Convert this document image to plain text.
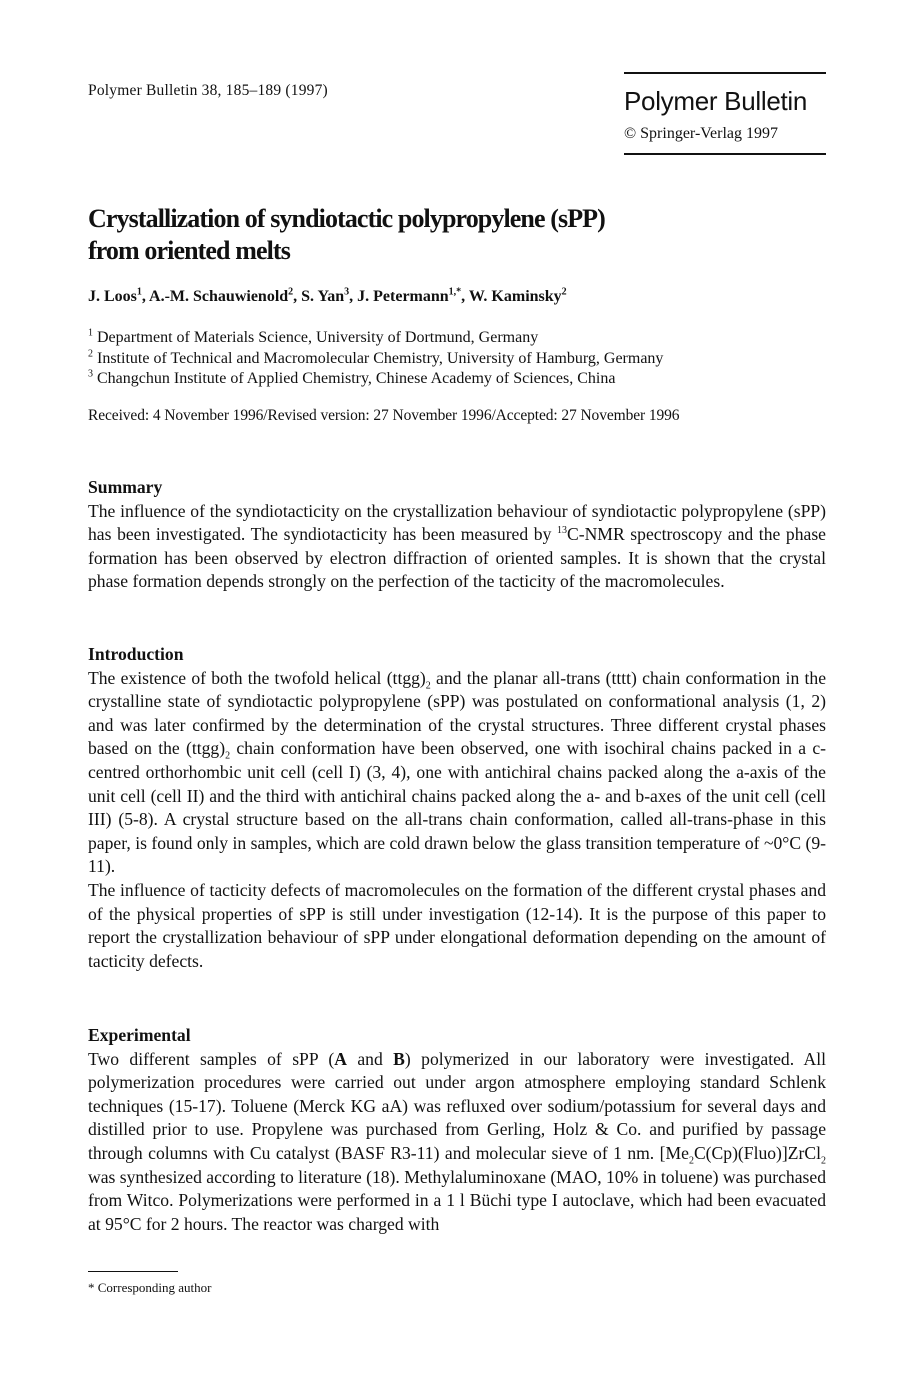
Polymer Bulletin 38, 185–189 (1997)	Polymer Bulletin
© Springer-Verlag 1997
Crystallization of syndiotactic polypropylene (sPP)
from oriented melts
J. Loos$^1$, A.-M. Schauwienold$^2$, S. Yan$^3$, J. Petermann$^{1,*}$, W. Kaminsky$^2$
$^1$ Department of Materials Science, University of Dortmund, Germany
$^2$ Institute of Technical and Macromolecular Chemistry, University of Hamburg, Germany
$^3$ Changchun Institute of Applied Chemistry, Chinese Academy of Sciences, China
Received: 4 November 1996/Revised version: 27 November 1996/Accepted: 27 November 1996
Summary

The influence of the syndiotacticity on the crystallization behaviour of syndiotactic polypropylene (sPP) has been investigated. The syndiotacticity has been measured by $^{13}$C-NMR spectroscopy and the phase formation has been observed by electron diffraction of oriented samples. It is shown that the crystal phase formation depends strongly on the perfection of the tacticity of the macromolecules.

Introduction

The existence of both the twofold helical $(ttgg)_2$ and the planar all-trans (tttt) chain conformation in the crystalline state of syndiotactic polypropylene (sPP) was postulated on conformational analysis (1, 2) and was later confirmed by the determination of the crystal structures. Three different crystal phases based on the $(ttgg)_2$ chain conformation have been observed, one with isochiral chains packed in a c-centred orthorhombic unit cell (cell I) (3, 4), one with antichiral chains packed along the a-axis of the unit cell (cell II) and the third with antichiral chains packed along the a- and b-axes of the unit cell (cell III) (5-8). A crystal structure based on the all-trans chain conformation, called all-trans-phase in this paper, is found only in samples, which are cold drawn below the glass transition temperature of ~0°C (9-11).

The influence of tacticity defects of macromolecules on the formation of the different crystal phases and of the physical properties of sPP is still under investigation (12-14). It is the purpose of this paper to report the crystallization behaviour of sPP under elongational deformation depending on the amount of tacticity defects.

Experimental

Two different samples of sPP (A and B) polymerized in our laboratory were investigated. All polymerization procedures were carried out under argon atmosphere employing standard Schlenk techniques (15-17). Toluene (Merck KG aA) was refluxed over sodium/potassium for several days and distilled prior to use. Propylene was purchased from Gerling, Holz & Co. and purified by passage through columns with Cu catalyst (BASF R3-11) and molecular sieve of 1 nm. $[Me_2C(Cp)(Fluo)]ZrCl_2$ was synthesized according to literature (18). Methylaluminoxane (MAO, 10% in toluene) was purchased from Witco. Polymerizations were performed in a 1 l Büchi type I autoclave, which had been evacuated at 95°C for 2 hours. The reactor was charged with

* Corresponding author
